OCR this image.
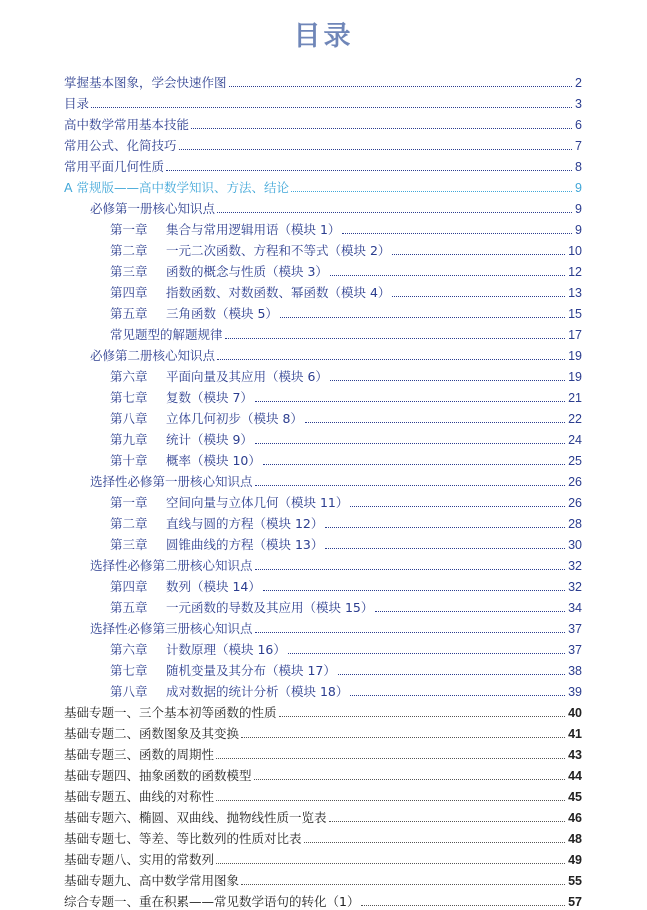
目录
掌握基本图象，学会快速作图	2
目录	3
高中数学常用基本技能	6
常用公式、化简技巧	7
常用平面几何性质	8
A 常规版——高中数学知识、方法、结论	9
必修第一册核心知识点	9
第一章 集合与常用逻辑用语（模块 1）	9
第二章 一元二次函数、方程和不等式（模块 2）	10
第三章 函数的概念与性质（模块 3）	12
第四章 指数函数、对数函数、幂函数（模块 4）	13
第五章 三角函数（模块 5）	15
常见题型的解题规律	17
必修第二册核心知识点	19
第六章 平面向量及其应用（模块 6）	19
第七章 复数（模块 7）	21
第八章 立体几何初步（模块 8）	22
第九章 统计（模块 9）	24
第十章 概率（模块 10）	25
选择性必修第一册核心知识点	26
第一章 空间向量与立体几何（模块 11）	26
第二章 直线与圆的方程（模块 12）	28
第三章 圆锥曲线的方程（模块 13）	30
选择性必修第二册核心知识点	32
第四章 数列（模块 14）	32
第五章 一元函数的导数及其应用（模块 15）	34
选择性必修第三册核心知识点	37
第六章 计数原理（模块 16）	37
第七章 随机变量及其分布（模块 17）	38
第八章 成对数据的统计分析（模块 18）	39
基础专题一、三个基本初等函数的性质	40
基础专题二、函数图象及其变换	41
基础专题三、函数的周期性	43
基础专题四、抽象函数的函数模型	44
基础专题五、曲线的对称性	45
基础专题六、椭圆、双曲线、抛物线性质一览表	46
基础专题七、等差、等比数列的性质对比表	48
基础专题八、实用的常数列	49
基础专题九、高中数学常用图象	55
综合专题一、重在积累——常见数学语句的转化（1）	57
